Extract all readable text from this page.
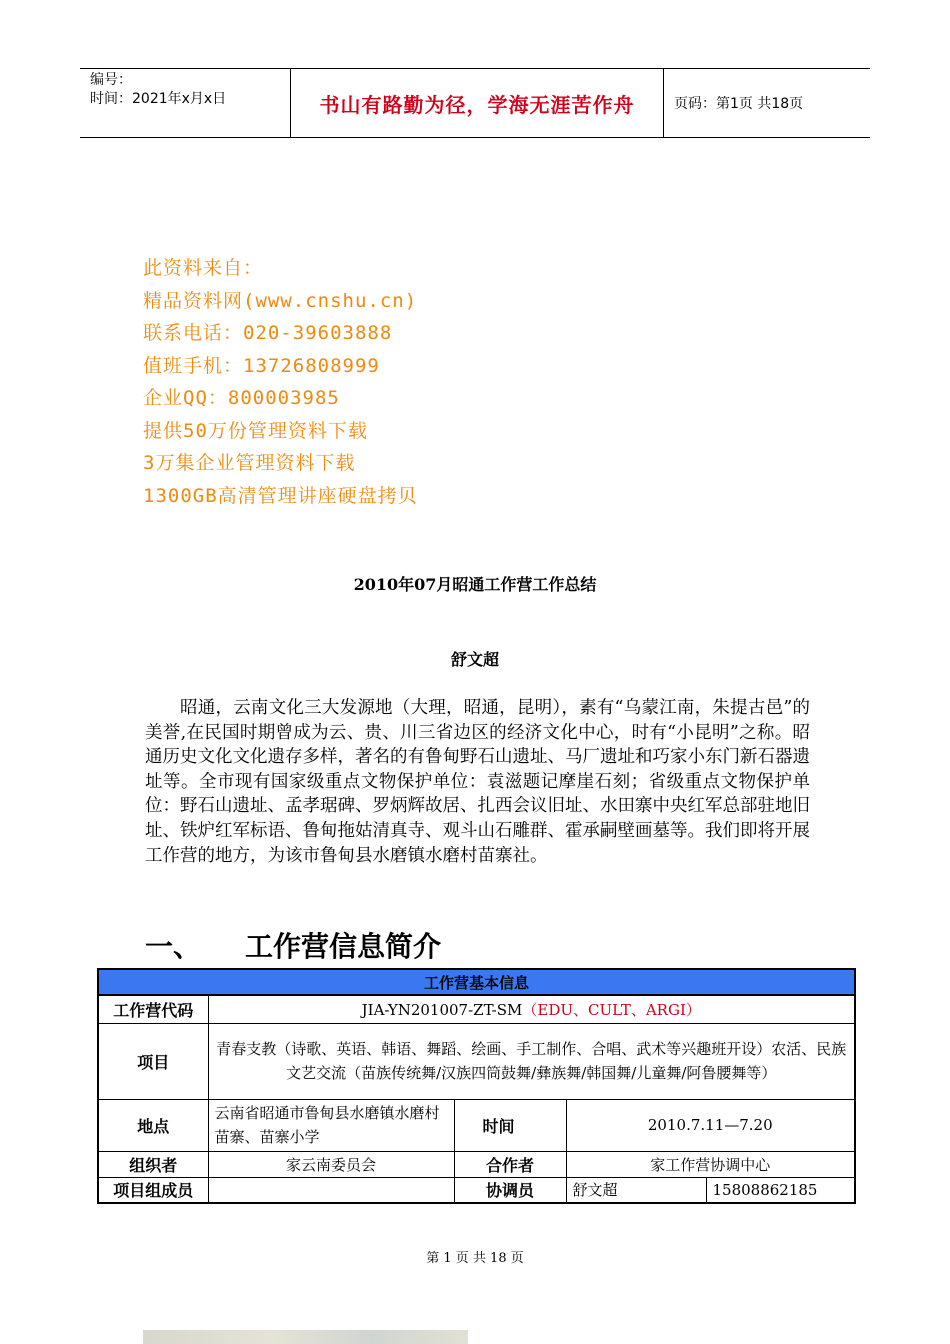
编号：
时间：2021年x月x日	书山有路勤为径，学海无涯苦作舟	页码：第1页 共18页
此资料来自：
精品资料网(www.cnshu.cn)
联系电话：020-39603888
值班手机：13726808999
企业QQ：800003985
提供50万份管理资料下载
3万集企业管理资料下载
1300GB高清管理讲座硬盘拷贝
2010年07月昭通工作营工作总结
舒文超
昭通，云南文化三大发源地（大理，昭通，昆明），素有“乌蒙江南，朱提古邑”的美誉,在民国时期曾成为云、贵、川三省边区的经济文化中心，时有“小昆明”之称。昭通历史文化文化遗存多样，著名的有鲁甸野石山遗址、马厂遗址和巧家小东门新石器遗址等。全市现有国家级重点文物保护单位：袁滋题记摩崖石刻；省级重点文物保护单位：野石山遗址、孟孝琚碑、罗炳辉故居、扎西会议旧址、水田寨中央红军总部驻地旧址、铁炉红军标语、鲁甸拖姑清真寺、观斗山石雕群、霍承嗣壁画墓等。我们即将开展工作营的地方，为该市鲁甸县水磨镇水磨村苗寨社。
一、 工作营信息简介
工作营基本信息				
工作营代码	JIA-YN201007-ZT-SM（EDU、CULT、ARGI）			
项目	青春支教（诗歌、英语、韩语、舞蹈、绘画、手工制作、合唱、武术等兴趣班开设）农活、民族文艺交流（苗族传统舞/汉族四筒鼓舞/彝族舞/韩国舞/儿童舞/阿鲁腰舞等）			
地点	云南省昭通市鲁甸县水磨镇水磨村苗寨、苗寨小学	时间	2010.7.11—7.20	
组织者	家云南委员会	合作者	家工作营协调中心	
项目组成员		协调员	舒文超	15808862185
第 1 页 共 18 页
